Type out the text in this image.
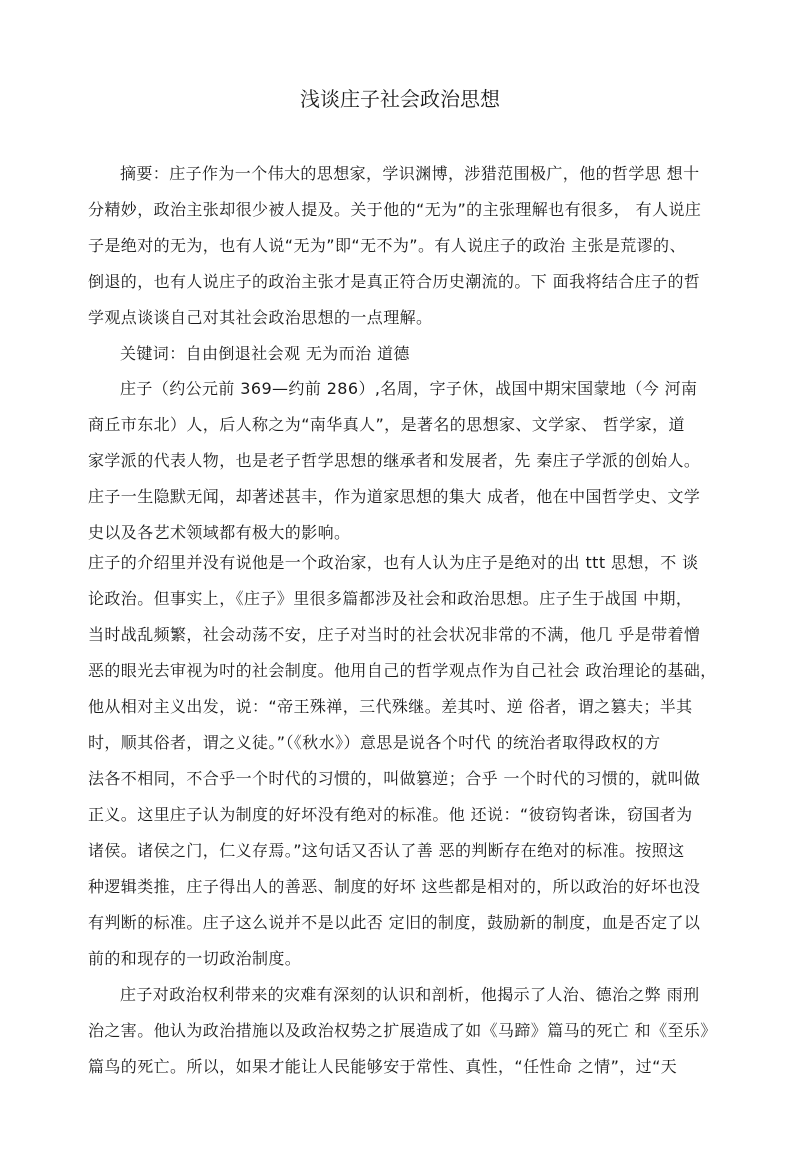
浅谈庄子社会政治思想
摘要：庄子作为一个伟大的思想家，学识渊博，涉猎范围极广，他的哲学思 想十
分精妙，政治主张却很少被人提及。关于他的“无为”的主张理解也有很多， 有人说庄
子是绝对的无为，也有人说“无为”即“无不为”。有人说庄子的政治 主张是荒谬的、
倒退的，也有人说庄子的政治主张才是真正符合历史潮流的。下 面我将结合庄子的哲
学观点谈谈自己对其社会政治思想的一点理解。
关键词：自由倒退社会观 无为而治 道德
庄子（约公元前 369—约前 286）,名周，字子休，战国中期宋国蒙地（今 河南
商丘市东北）人，后人称之为“南华真人”，是著名的思想家、文学家、 哲学家，道
家学派的代表人物，也是老子哲学思想的继承者和发展者，先 秦庄子学派的创始人。
庄子一生隐默无闻，却著述甚丰，作为道家思想的集大 成者，他在中国哲学史、文学
史以及各艺术领域都有极大的影响。
庄子的介绍里并没有说他是一个政治家，也有人认为庄子是绝对的出 ttt 思想，不 谈
论政治。但事实上，《庄子》里很多篇都涉及社会和政治思想。庄子生于战国 中期，
当时战乱频繁，社会动荡不安，庄子对当时的社会状况非常的不满，他几 乎是带着憎
恶的眼光去审视为吋的社会制度。他用自己的哲学观点作为自己社会 政治理论的基础，
他从相对主义出发，说：“帝王殊禅，三代殊继。差其吋、逆 俗者，谓之篡夫；半其
时，顺其俗者，谓之义徒。”（《秋水》）意思是说各个吋代 的统治者取得政权的方
法各不相同，不合乎一个时代的习惯的，叫做篡逆；合乎 一个时代的习惯的，就叫做
正义。这里庄子认为制度的好坏没有绝对的标准。他 还说：“彼窃钩者诛，窃国者为
诸侯。诸侯之门，仁义存焉。”这句话又否认了善 恶的判断存在绝对的标准。按照这
种逻辑类推，庄子得出人的善恶、制度的好坏 这些都是相对的，所以政治的好坏也没
有判断的标准。庄子这么说并不是以此否 定旧的制度，鼓励新的制度，血是否定了以
前的和现存的一切政治制度。
庄子对政治权利带来的灾难有深刻的认识和剖析，他揭示了人治、德治之弊 雨刑
治之害。他认为政治措施以及政治权势之扩展造成了如《马蹄》篇马的死亡 和《至乐》
篇鸟的死亡。所以，如果才能让人民能够安于常性、真性，“任性命 之情”，过“天
